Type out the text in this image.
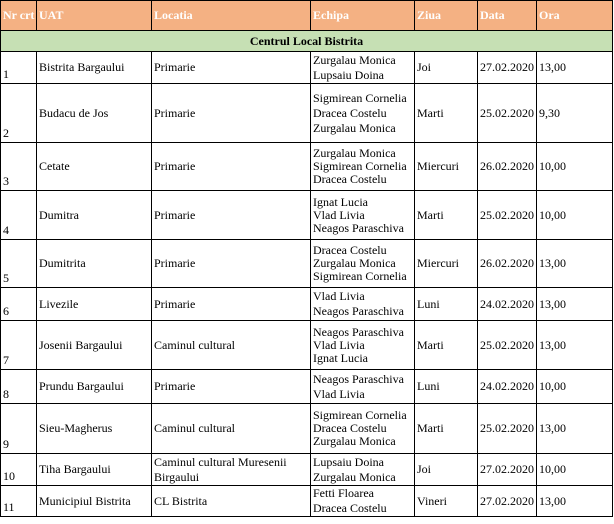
Nr crt	UAT	Locatia	Echipa	Ziua	Data	Ora
Centrul Local Bistrita						
1	Bistrita Bargaului	Primarie	Zurgalau Monica
Lupsaiu Doina	Joi	27.02.2020	13,00
2	Budacu de Jos	Primarie	Sigmirean Cornelia
Dracea Costelu
Zurgalau Monica	Marti	25.02.2020	9,30
3	Cetate	Primarie	Zurgalau Monica
Sigmirean Cornelia
Dracea Costelu	Miercuri	26.02.2020	10,00
4	Dumitra	Primarie	Ignat Lucia
Vlad Livia
Neagos Paraschiva	Marti	25.02.2020	10,00
5	Dumitrita	Primarie	Dracea Costelu
Zurgalau Monica
Sigmirean Cornelia	Miercuri	26.02.2020	13,00
6	Livezile	Primarie	Vlad Livia
Neagos Paraschiva	Luni	24.02.2020	13,00
7	Josenii Bargaului	Caminul cultural	Neagos Paraschiva
Vlad Livia
Ignat Lucia	Marti	25.02.2020	13,00
8	Prundu Bargaului	Primarie	Neagos Paraschiva
Vlad Livia	Luni	24.02.2020	10,00
9	Sieu-Magherus	Caminul cultural	Sigmirean Cornelia
Dracea Costelu
Zurgalau Monica	Marti	25.02.2020	13,00
10	Tiha Bargaului	Caminul cultural Muresenii
Birgaului	Lupsaiu Doina
Zurgalau Monica	Joi	27.02.2020	10,00
11	Municipiul Bistrita	CL Bistrita	Fetti Floarea
Dracea Costelu	Vineri	27.02.2020	13,00
